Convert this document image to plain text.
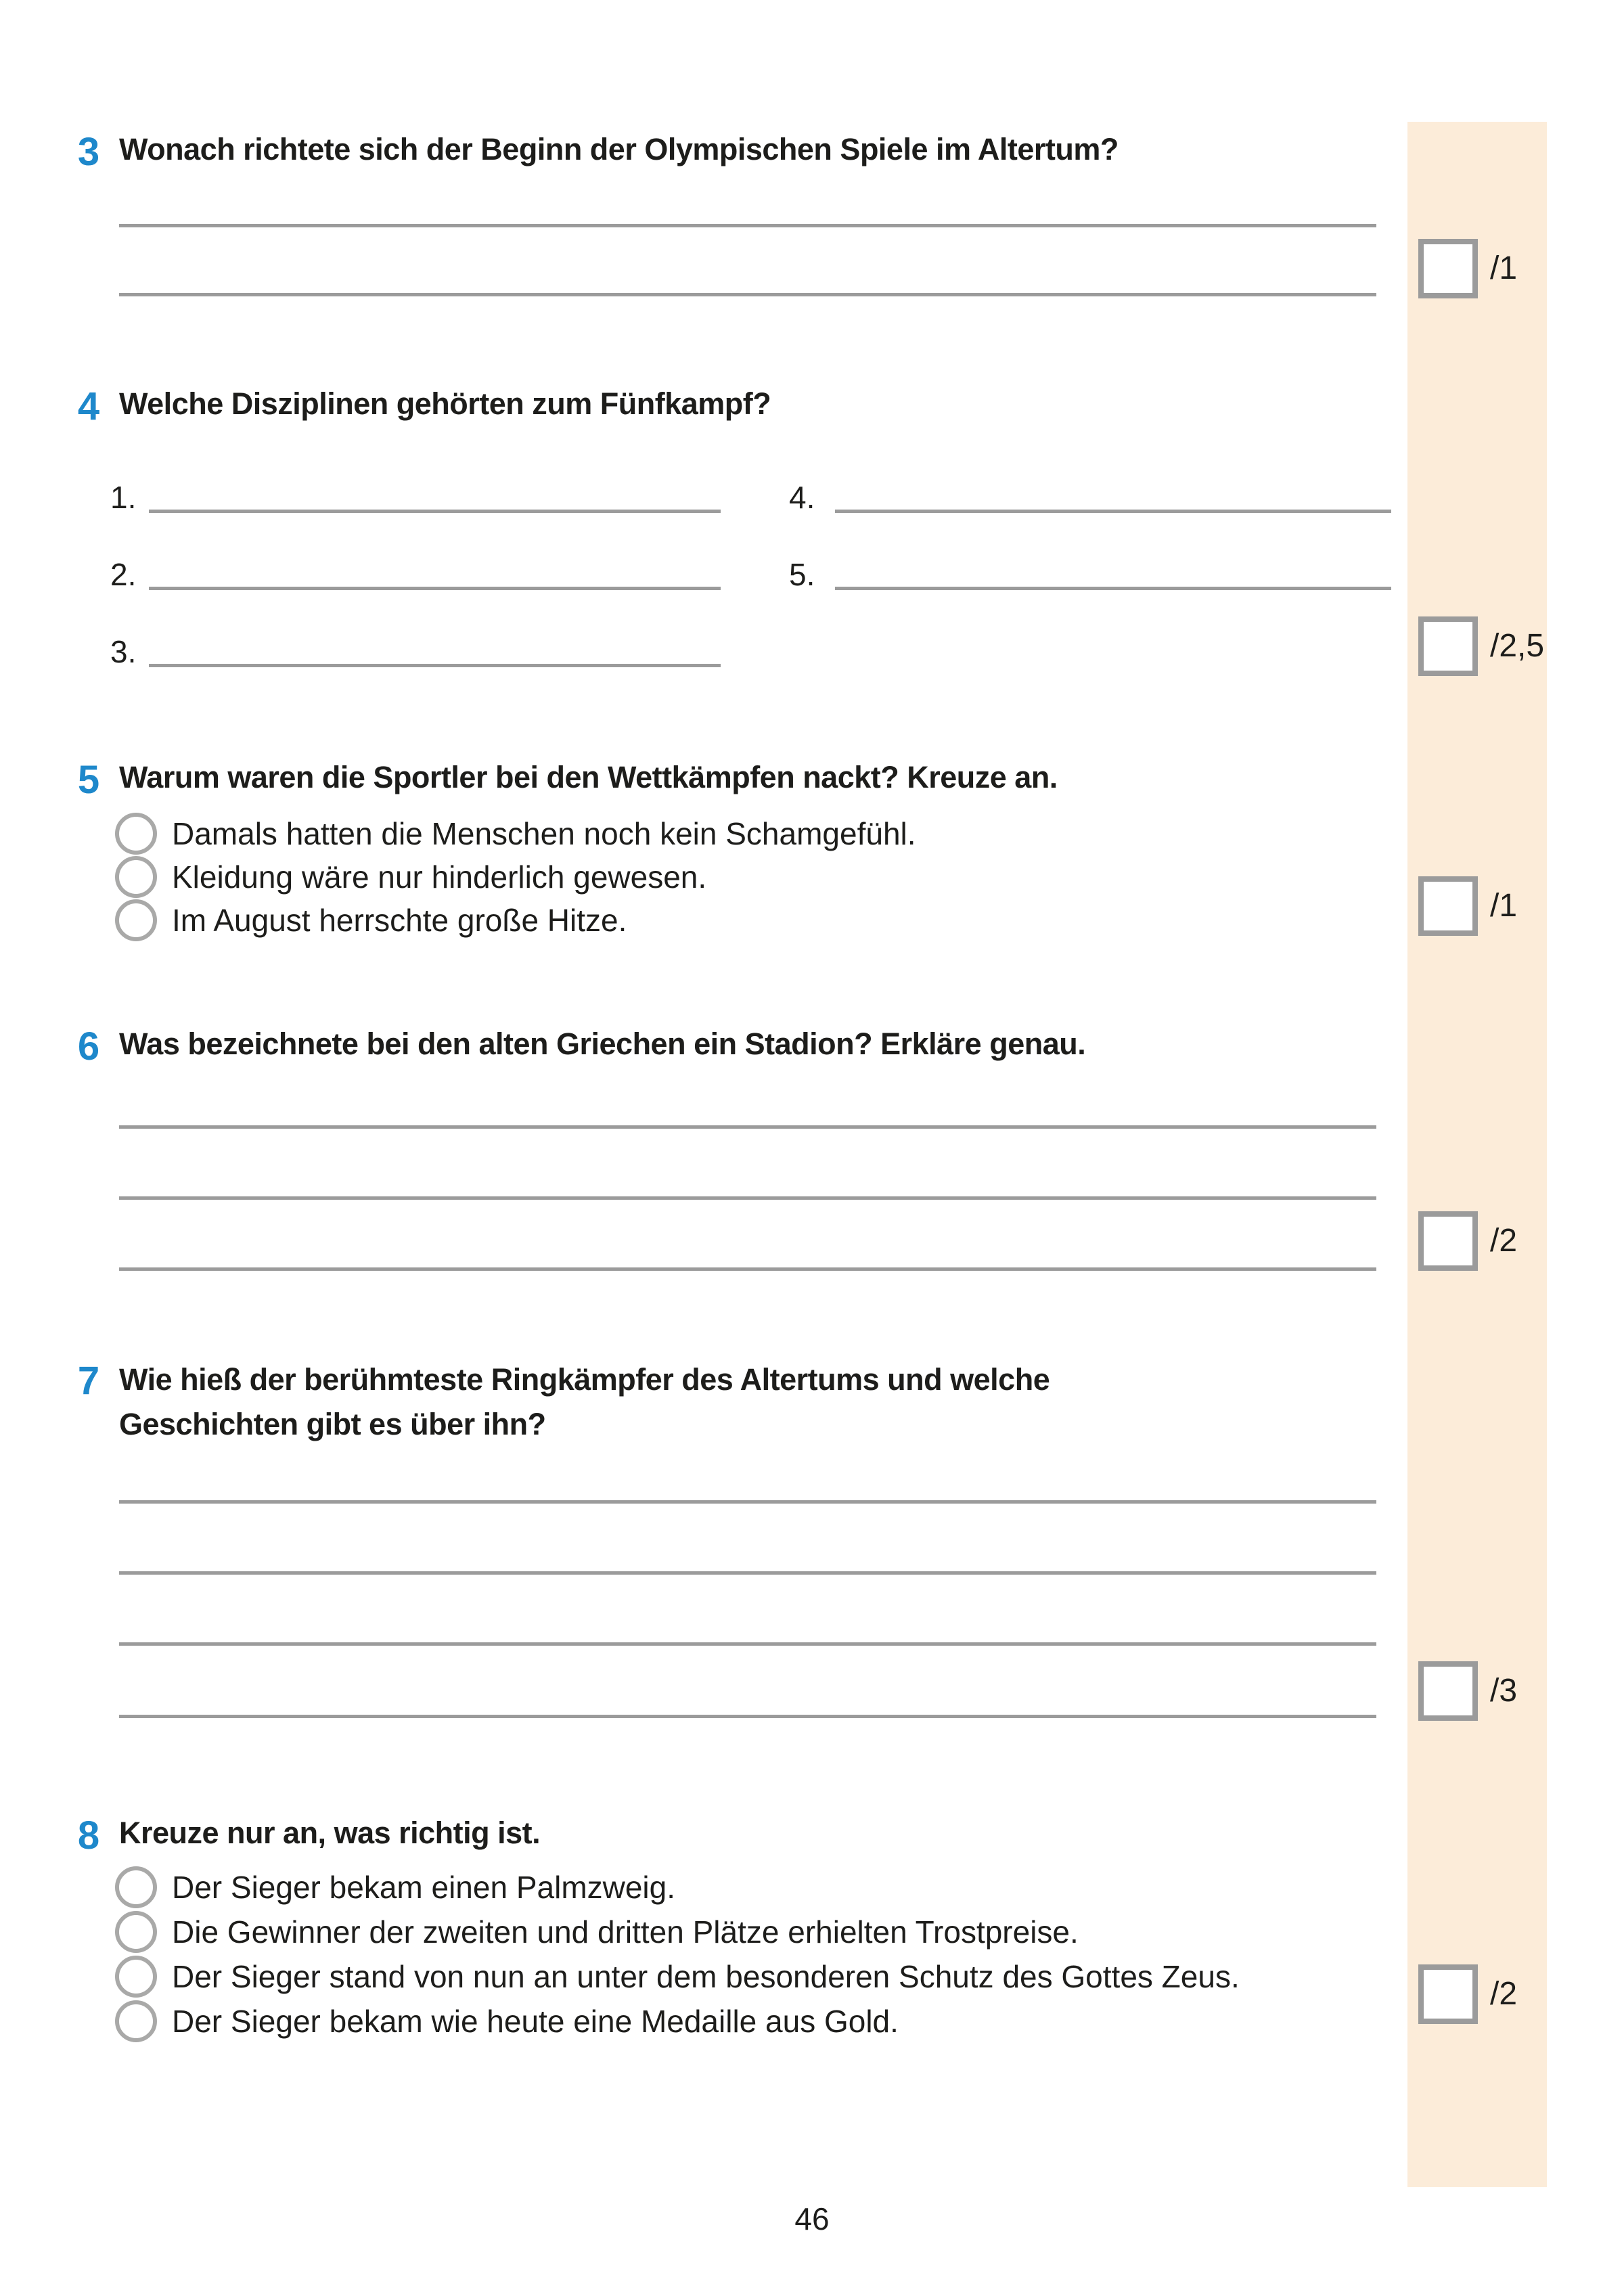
3 Wonach richtete sich der Beginn der Olympischen Spiele im Altertum?
/1
4 Welche Disziplinen gehörten zum Fünfkampf?
1.	4.
2.	5.
3.	/2,5
5 Warum waren die Sportler bei den Wettkämpfen nackt? Kreuze an.
Damals hatten die Menschen noch kein Schamgefühl.
Kleidung wäre nur hinderlich gewesen.
Im August herrschte große Hitze.	/1
6 Was bezeichnete bei den alten Griechen ein Stadion? Erkläre genau.
/2
7 Wie hieß der berühmteste Ringkämpfer des Altertums und welche
Geschichten gibt es über ihn?
/3
8 Kreuze nur an, was richtig ist.
Der Sieger bekam einen Palmzweig.
Die Gewinner der zweiten und dritten Plätze erhielten Trostpreise.
Der Sieger stand von nun an unter dem besonderen Schutz des Gottes Zeus.
Der Sieger bekam wie heute eine Medaille aus Gold.
/2
46
